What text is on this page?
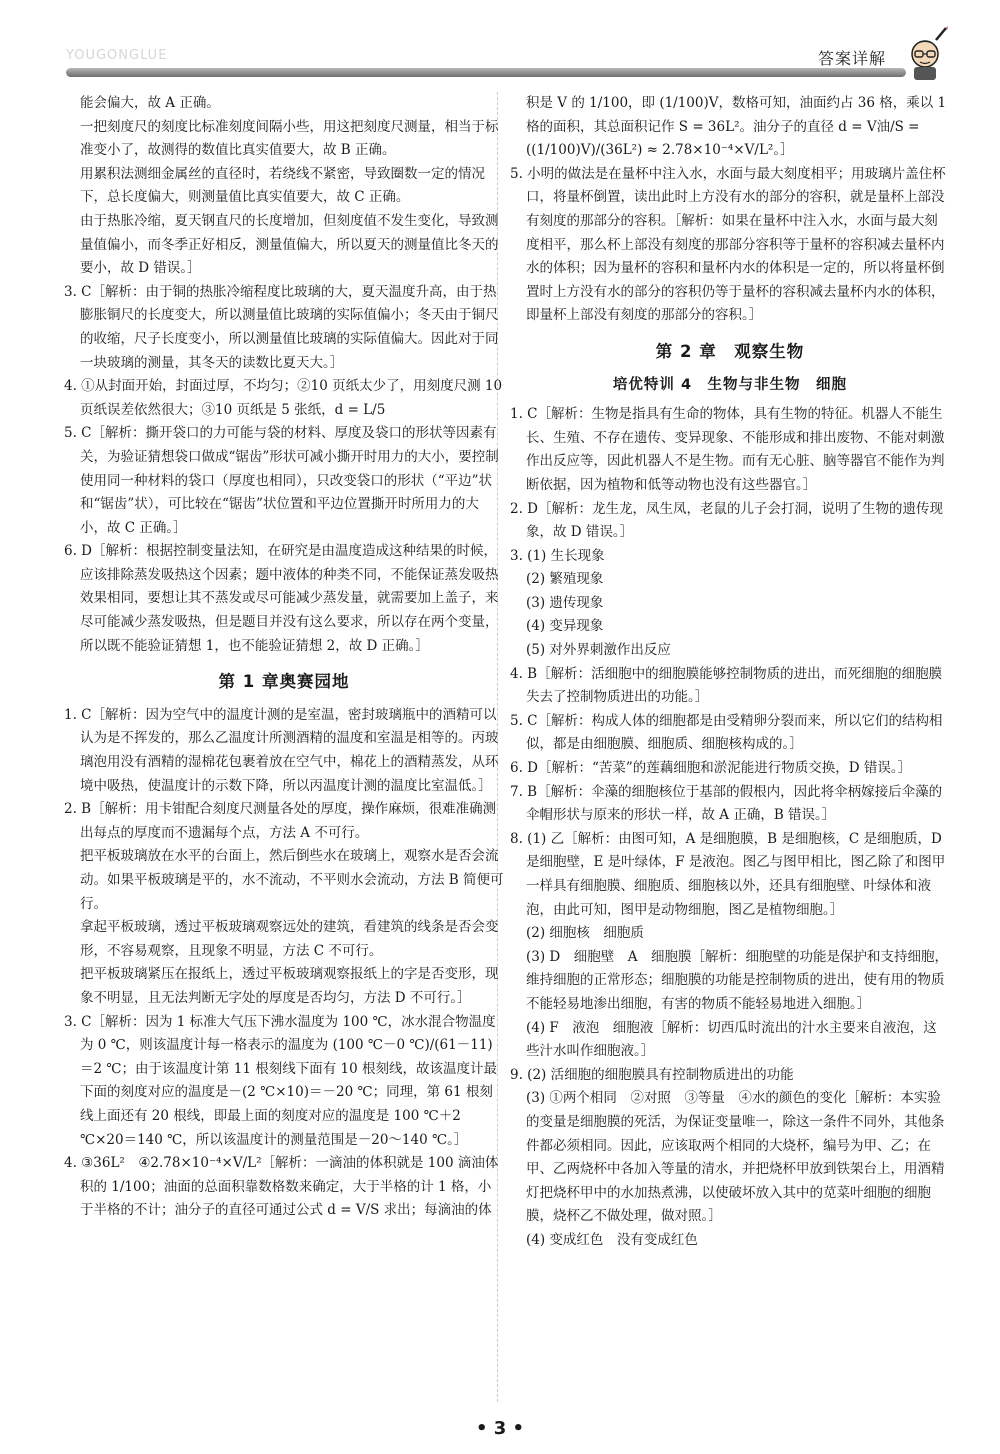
YOUGONGLUE	答案详解

能会偏大，故 A 正确。

一把刻度尺的刻度比标准刻度间隔小些，用这把刻度尺测量，相当于标准变小了，故测得的数值比真实值要大，故 B 正确。

用累积法测细金属丝的直径时，若绕线不紧密，导致圈数一定的情况下，总长度偏大，则测量值比真实值要大，故 C 正确。

由于热胀冷缩，夏天钢直尺的长度增加，但刻度值不发生变化，导致测量值偏小，而冬季正好相反，测量值偏大，所以夏天的测量值比冬天的要小，故 D 错误。］

3. C［解析：由于铜的热胀冷缩程度比玻璃的大，夏天温度升高，由于热膨胀铜尺的长度变大，所以测量值比玻璃的实际值偏小；冬天由于铜尺的收缩，尺子长度变小，所以测量值比玻璃的实际值偏大。因此对于同一块玻璃的测量，其冬天的读数比夏天大。］

4. ①从封面开始，封面过厚，不均匀；②10 页纸太少了，用刻度尺测 10 页纸误差依然很大；③10 页纸是 5 张纸，d = L/5

5. C［解析：撕开袋口的力可能与袋的材料、厚度及袋口的形状等因素有关，为验证猜想袋口做成“锯齿”形状可减小撕开时用力的大小，要控制使用同一种材料的袋口（厚度也相同），只改变袋口的形状（“平边”状和“锯齿”状），可比较在“锯齿”状位置和平边位置撕开时所用力的大小，故 C 正确。］

6. D［解析：根据控制变量法知，在研究是由温度造成这种结果的时候，应该排除蒸发吸热这个因素；题中液体的种类不同，不能保证蒸发吸热效果相同，要想让其不蒸发或尽可能减少蒸发量，就需要加上盖子，来尽可能减少蒸发吸热，但是题目并没有这么要求，所以存在两个变量，所以既不能验证猜想 1，也不能验证猜想 2，故 D 正确。］

第 1 章奥赛园地

1. C［解析：因为空气中的温度计测的是室温，密封玻璃瓶中的酒精可以认为是不挥发的，那么乙温度计所测酒精的温度和室温是相等的。丙玻璃泡用没有酒精的湿棉花包裹着放在空气中，棉花上的酒精蒸发，从环境中吸热，使温度计的示数下降，所以丙温度计测的温度比室温低。］

2. B［解析：用卡钳配合刻度尺测量各处的厚度，操作麻烦，很难准确测出每点的厚度而不遗漏每个点，方法 A 不可行。

把平板玻璃放在水平的台面上，然后倒些水在玻璃上，观察水是否会流动。如果平板玻璃是平的，水不流动，不平则水会流动，方法 B 简便可行。

拿起平板玻璃，透过平板玻璃观察远处的建筑，看建筑的线条是否会变形，不容易观察，且现象不明显，方法 C 不可行。

把平板玻璃紧压在报纸上，透过平板玻璃观察报纸上的字是否变形，现象不明显，且无法判断无字处的厚度是否均匀，方法 D 不可行。］

3. C［解析：因为 1 标准大气压下沸水温度为 100 ℃，冰水混合物温度为 0 ℃，则该温度计每一格表示的温度为 (100 ℃－0 ℃)/(61－11) ＝2 ℃；由于该温度计第 11 根刻线下面有 10 根刻线，故该温度计最下面的刻度对应的温度是－(2 ℃×10)＝－20 ℃；同理，第 61 根刻线上面还有 20 根线，即最上面的刻度对应的温度是 100 ℃＋2 ℃×20＝140 ℃，所以该温度计的测量范围是－20～140 ℃。］

4. ③36L²　④2.78×10⁻⁴×V/L²［解析：一滴油的体积就是 100 滴油体积的 1/100；油面的总面积靠数格数来确定，大于半格的计 1 格，小于半格的不计；油分子的直径可通过公式 d = V/S 求出；每滴油的体

积是 V 的 1/100，即 (1/100)V，数格可知，油面约占 36 格，乘以 1 格的面积，其总面积记作 S = 36L²。油分子的直径 d = V油/S = ((1/100)V)/(36L²) ≈ 2.78×10⁻⁴×V/L²。］

5. 小明的做法是在量杯中注入水，水面与最大刻度相平；用玻璃片盖住杯口，将量杯倒置，读出此时上方没有水的部分的容积，就是量杯上部没有刻度的那部分的容积。［解析：如果在量杯中注入水，水面与最大刻度相平，那么杯上部没有刻度的那部分容积等于量杯的容积减去量杯内水的体积；因为量杯的容积和量杯内水的体积是一定的，所以将量杯倒置时上方没有水的部分的容积仍等于量杯的容积减去量杯内水的体积，即量杯上部没有刻度的那部分的容积。］

第 2 章　观察生物

培优特训 4　生物与非生物　细胞

1. C［解析：生物是指具有生命的物体，具有生物的特征。机器人不能生长、生殖、不存在遗传、变异现象、不能形成和排出废物、不能对刺激作出反应等，因此机器人不是生物。而有无心脏、脑等器官不能作为判断依据，因为植物和低等动物也没有这些器官。］

2. D［解析：龙生龙，凤生凤，老鼠的儿子会打洞，说明了生物的遗传现象，故 D 错误。］

3. (1) 生长现象

(2) 繁殖现象

(3) 遗传现象

(4) 变异现象

(5) 对外界刺激作出反应

4. B［解析：活细胞中的细胞膜能够控制物质的进出，而死细胞的细胞膜失去了控制物质进出的功能。］

5. C［解析：构成人体的细胞都是由受精卵分裂而来，所以它们的结构相似，都是由细胞膜、细胞质、细胞核构成的。］

6. D［解析：“苦菜”的莲藕细胞和淤泥能进行物质交换，D 错误。］

7. B［解析：伞藻的细胞核位于基部的假根内，因此将伞柄嫁接后伞藻的伞帽形状与原来的形状一样，故 A 正确，B 错误。］

8. (1) 乙［解析：由图可知，A 是细胞膜，B 是细胞核，C 是细胞质，D 是细胞壁，E 是叶绿体，F 是液泡。图乙与图甲相比，图乙除了和图甲一样具有细胞膜、细胞质、细胞核以外，还具有细胞壁、叶绿体和液泡，由此可知，图甲是动物细胞，图乙是植物细胞。］

(2) 细胞核　细胞质

(3) D　细胞壁　A　细胞膜［解析：细胞壁的功能是保护和支持细胞，维持细胞的正常形态；细胞膜的功能是控制物质的进出，使有用的物质不能轻易地渗出细胞，有害的物质不能轻易地进入细胞。］

(4) F　液泡　细胞液［解析：切西瓜时流出的汁水主要来自液泡，这些汁水叫作细胞液。］

9. (2) 活细胞的细胞膜具有控制物质进出的功能

(3) ①两个相同　②对照　③等量　④水的颜色的变化［解析：本实验的变量是细胞膜的死活，为保证变量唯一，除这一条件不同外，其他条件都必须相同。因此，应该取两个相同的大烧杯，编号为甲、乙；在甲、乙两烧杯中各加入等量的清水，并把烧杯甲放到铁架台上，用酒精灯把烧杯甲中的水加热煮沸，以使破坏放入其中的苋菜叶细胞的细胞膜，烧杯乙不做处理，做对照。］

(4) 变成红色　没有变成红色

• 3 •
